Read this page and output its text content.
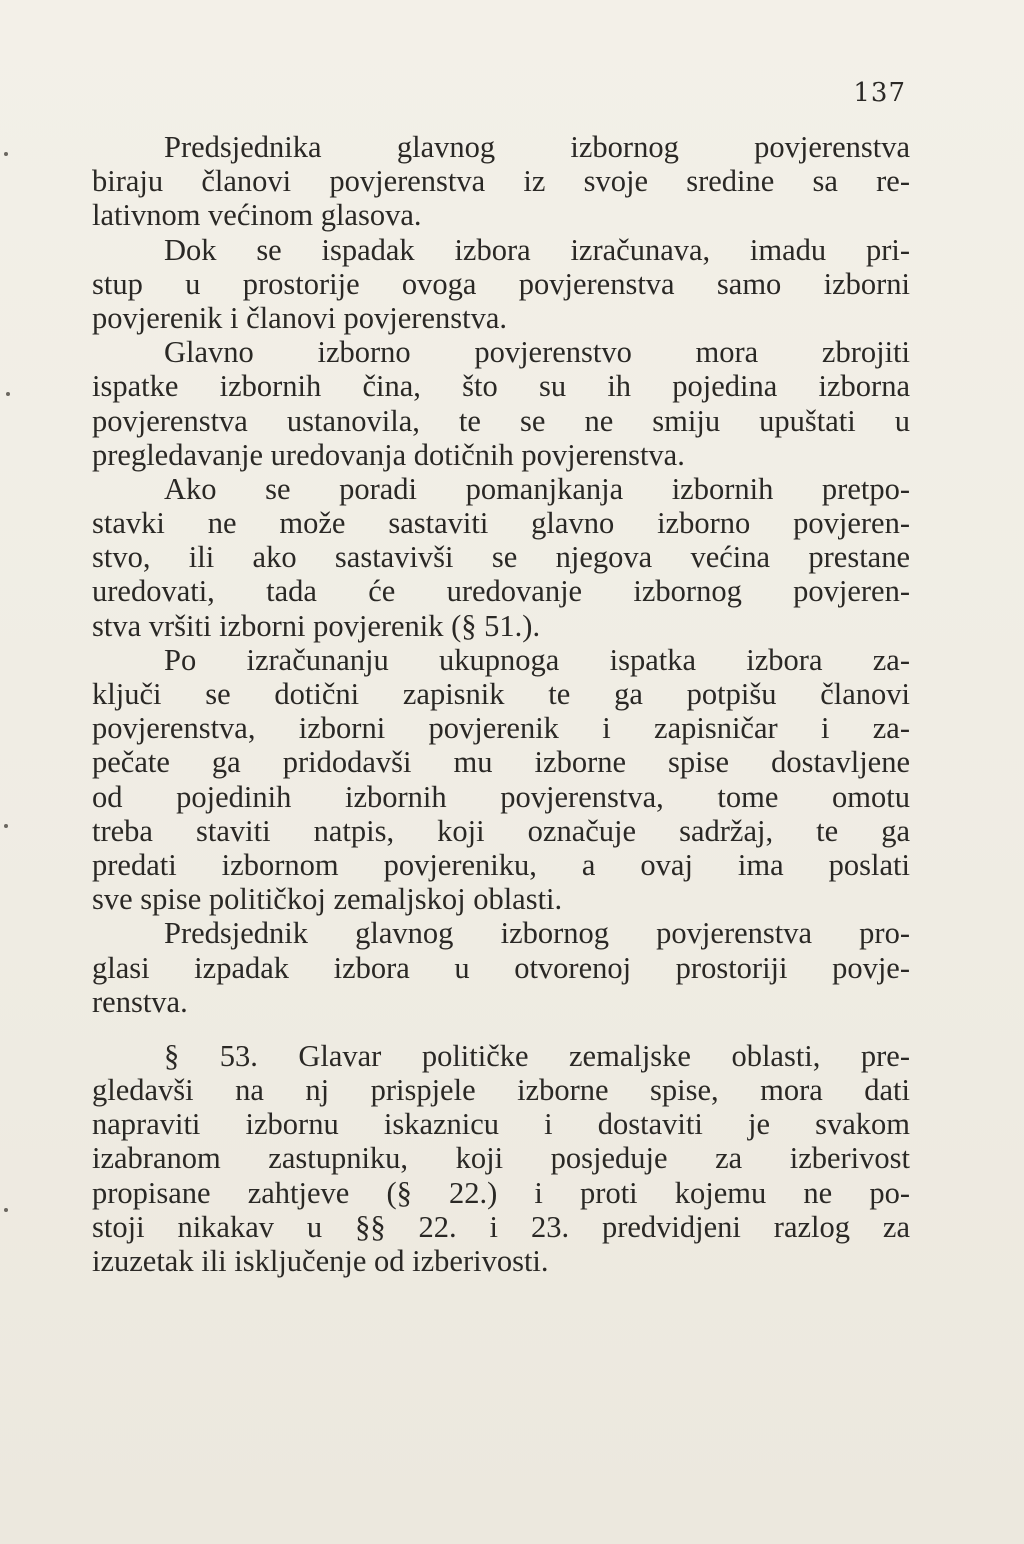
137
Predsjednika glavnog izbornog povjerenstva
biraju članovi povjerenstva iz svoje sredine sa re-
lativnom većinom glasova.
Dok se ispadak izbora izračunava, imadu pri-
stup u prostorije ovoga povjerenstva samo izborni
povjerenik i članovi povjerenstva.
Glavno izborno povjerenstvo mora zbrojiti
ispatke izbornih čina, što su ih pojedina izborna
povjerenstva ustanovila, te se ne smiju upuštati u
pregledavanje uredovanja dotičnih povjerenstva.
Ako se poradi pomanjkanja izbornih pretpo-
stavki ne može sastaviti glavno izborno povjeren-
stvo, ili ako sastavivši se njegova većina prestane
uredovati, tada će uredovanje izbornog povjeren-
stva vršiti izborni povjerenik (§ 51.).
Po izračunanju ukupnoga ispatka izbora za-
ključi se dotični zapisnik te ga potpišu članovi
povjerenstva, izborni povjerenik i zapisničar i za-
pečate ga pridodavši mu izborne spise dostavljene
od pojedinih izbornih povjerenstva, tome omotu
treba staviti natpis, koji označuje sadržaj, te ga
predati izbornom povjereniku, a ovaj ima poslati
sve spise političkoj zemaljskoj oblasti.
Predsjednik glavnog izbornog povjerenstva pro-
glasi izpadak izbora u otvorenoj prostoriji povje-
renstva.
§ 53. Glavar političke zemaljske oblasti, pre-
gledavši na nj prispjele izborne spise, mora dati
napraviti izbornu iskaznicu i dostaviti je svakom
izabranom zastupniku, koji posjeduje za izberivost
propisane zahtjeve (§ 22.) i proti kojemu ne po-
stoji nikakav u §§ 22. i 23. predvidjeni razlog za
izuzetak ili isključenje od izberivosti.
